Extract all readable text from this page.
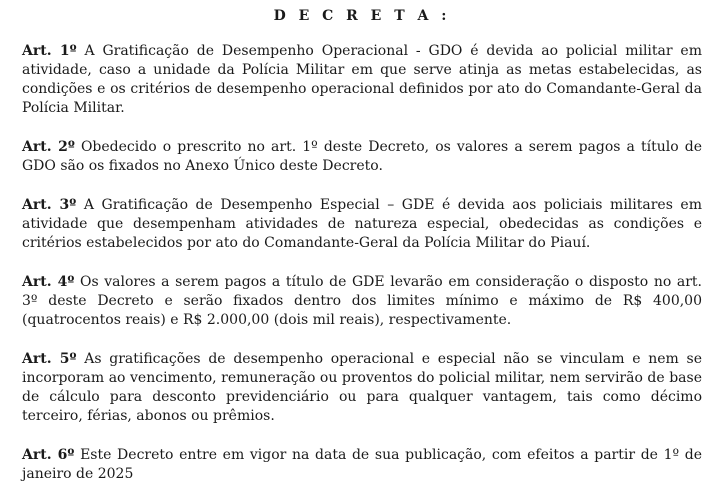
D E C R E T A :

Art. 1º A Gratificação de Desempenho Operacional - GDO é devida ao policial militar em atividade, caso a unidade da Polícia Militar em que serve atinja as metas estabelecidas, as condições e os critérios de desempenho operacional definidos por ato do Comandante-Geral da Polícia Militar.

Art. 2º Obedecido o prescrito no art. 1º deste Decreto, os valores a serem pagos a título de GDO são os fixados no Anexo Único deste Decreto.

Art. 3º A Gratificação de Desempenho Especial – GDE é devida aos policiais militares em atividade que desempenham atividades de natureza especial, obedecidas as condições e critérios estabelecidos por ato do Comandante-Geral da Polícia Militar do Piauí.

Art. 4º Os valores a serem pagos a título de GDE levarão em consideração o disposto no art. 3º deste Decreto e serão fixados dentro dos limites mínimo e máximo de R$ 400,00 (quatrocentos reais) e R$ 2.000,00 (dois mil reais), respectivamente.

Art. 5º As gratificações de desempenho operacional e especial não se vinculam e nem se incorporam ao vencimento, remuneração ou proventos do policial militar, nem servirão de base de cálculo para desconto previdenciário ou para qualquer vantagem, tais como décimo terceiro, férias, abonos ou prêmios.

Art. 6º Este Decreto entre em vigor na data de sua publicação, com efeitos a partir de 1º de janeiro de 2025
